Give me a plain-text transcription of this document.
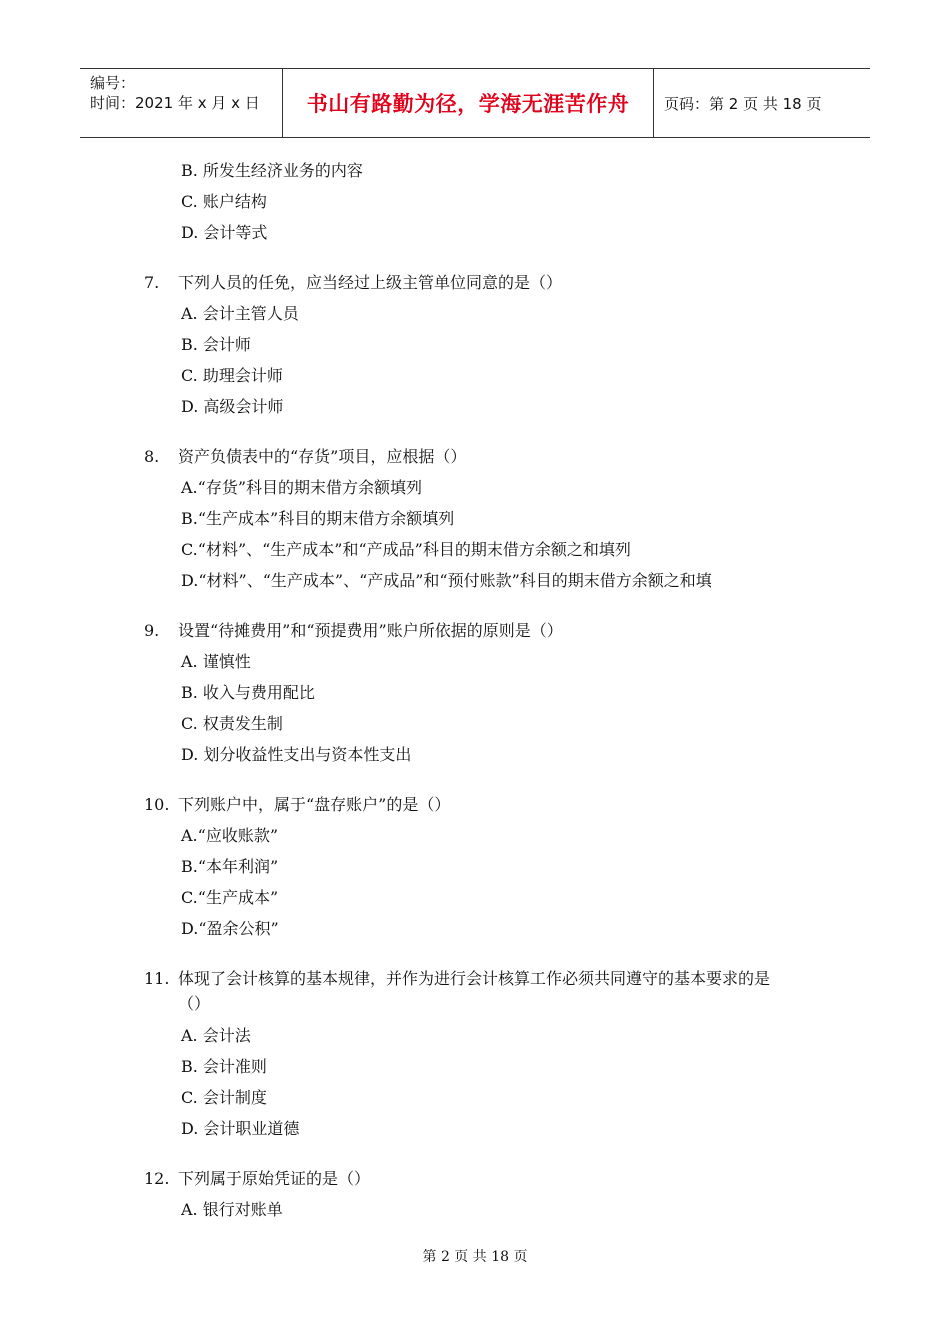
编号：
时间：2021 年 x 月 x 日	书山有路勤为径，学海无涯苦作舟 页码：第 2 页 共 18 页
B. 所发生经济业务的内容
C. 账户结构
D. 会计等式
7. 下列人员的任免，应当经过上级主管单位同意的是（）
A. 会计主管人员
B. 会计师
C. 助理会计师
D. 高级会计师
8. 资产负债表中的“存货”项目，应根据（）
A.“存货”科目的期末借方余额填列
B.“生产成本”科目的期末借方余额填列
C.“材料”、“生产成本”和“产成品”科目的期末借方余额之和填列
D.“材料”、“生产成本”、“产成品”和“预付账款”科目的期末借方余额之和填
9. 设置“待摊费用”和“预提费用”账户所依据的原则是（）
A. 谨慎性
B. 收入与费用配比
C. 权责发生制
D. 划分收益性支出与资本性支出
10. 下列账户中，属于“盘存账户”的是（）
A.“应收账款”
B.“本年利润”
C.“生产成本”
D.“盈余公积”
11. 体现了会计核算的基本规律，并作为进行会计核算工作必须共同遵守的基本要求的是
（）
A. 会计法
B. 会计准则
C. 会计制度
D. 会计职业道德
12. 下列属于原始凭证的是（）
A. 银行对账单
第 2 页 共 18 页
